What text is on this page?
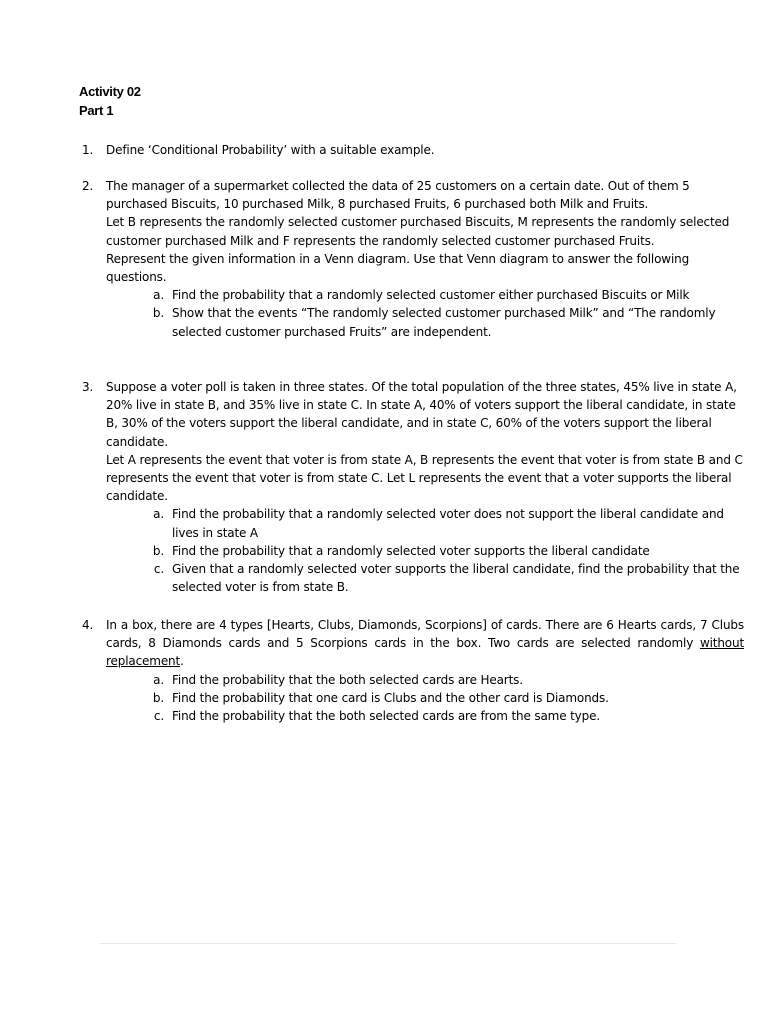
Activity 02
Part 1
1.	Define ‘Conditional Probability’ with a suitable example.

2.	The manager of a supermarket collected the data of 25 customers on a certain date. Out of them 5 purchased Biscuits, 10 purchased Milk, 8 purchased Fruits, 6 purchased both Milk and Fruits.

Let B represents the randomly selected customer purchased Biscuits, M represents the randomly selected customer purchased Milk and F represents the randomly selected customer purchased Fruits.

Represent the given information in a Venn diagram. Use that Venn diagram to answer the following questions.

a. Find the probability that a randomly selected customer either purchased Biscuits or Milk
b. Show that the events “The randomly selected customer purchased Milk” and “The randomly selected customer purchased Fruits” are independent.
3.	Suppose a voter poll is taken in three states. Of the total population of the three states, 45% live in state A, 20% live in state B, and 35% live in state C. In state A, 40% of voters support the liberal candidate, in state B, 30% of the voters support the liberal candidate, and in state C, 60% of the voters support the liberal candidate.

Let A represents the event that voter is from state A, B represents the event that voter is from state B and C represents the event that voter is from state C. Let L represents the event that a voter supports the liberal candidate.

a. Find the probability that a randomly selected voter does not support the liberal candidate and lives in state A
b. Find the probability that a randomly selected voter supports the liberal candidate
c. Given that a randomly selected voter supports the liberal candidate, find the probability that the selected voter is from state B.
4.	In a box, there are 4 types [Hearts, Clubs, Diamonds, Scorpions] of cards. There are 6 Hearts cards, 7 Clubs cards, 8 Diamonds cards and 5 Scorpions cards in the box. Two cards are selected randomly without replacement.

a. Find the probability that the both selected cards are Hearts.
b. Find the probability that one card is Clubs and the other card is Diamonds.
c. Find the probability that the both selected cards are from the same type.
